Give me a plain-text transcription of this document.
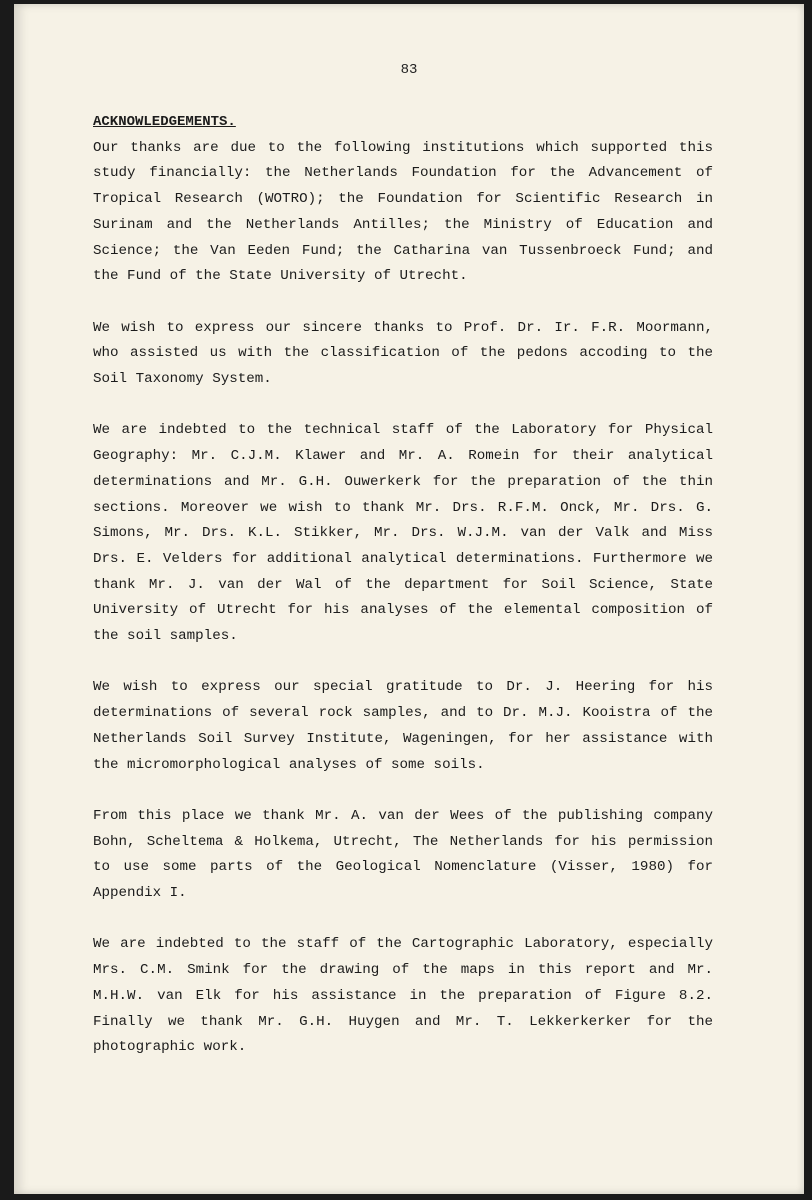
83

ACKNOWLEDGEMENTS.

Our thanks are due to the following institutions which supported this study financially: the Netherlands Foundation for the Advancement of Tropical Research (WOTRO); the Foundation for Scientific Research in Surinam and the Netherlands Antilles; the Ministry of Education and Science; the Van Eeden Fund; the Catharina van Tussenbroeck Fund; and the Fund of the State University of Utrecht.

We wish to express our sincere thanks to Prof. Dr. Ir. F.R. Moormann, who assisted us with the classification of the pedons accoding to the Soil Taxonomy System.

We are indebted to the technical staff of the Laboratory for Physical Geography: Mr. C.J.M. Klawer and Mr. A. Romein for their analytical determinations and Mr. G.H. Ouwerkerk for the preparation of the thin sections. Moreover we wish to thank Mr. Drs. R.F.M. Onck, Mr. Drs. G. Simons, Mr. Drs. K.L. Stikker, Mr. Drs. W.J.M. van der Valk and Miss Drs. E. Velders for additional analytical determinations. Furthermore we thank Mr. J. van der Wal of the department for Soil Science, State University of Utrecht for his analyses of the elemental composition of the soil samples.

We wish to express our special gratitude to Dr. J. Heering for his determinations of several rock samples, and to Dr. M.J. Kooistra of the Netherlands Soil Survey Institute, Wageningen, for her assistance with the micromorphological analyses of some soils.

From this place we thank Mr. A. van der Wees of the publishing company Bohn, Scheltema & Holkema, Utrecht, The Netherlands for his permission to use some parts of the Geological Nomenclature (Visser, 1980) for Appendix I.

We are indebted to the staff of the Cartographic Laboratory, especially Mrs. C.M. Smink for the drawing of the maps in this report and Mr. M.H.W. van Elk for his assistance in the preparation of Figure 8.2. Finally we thank Mr. G.H. Huygen and Mr. T. Lekkerkerker for the photographic work.
